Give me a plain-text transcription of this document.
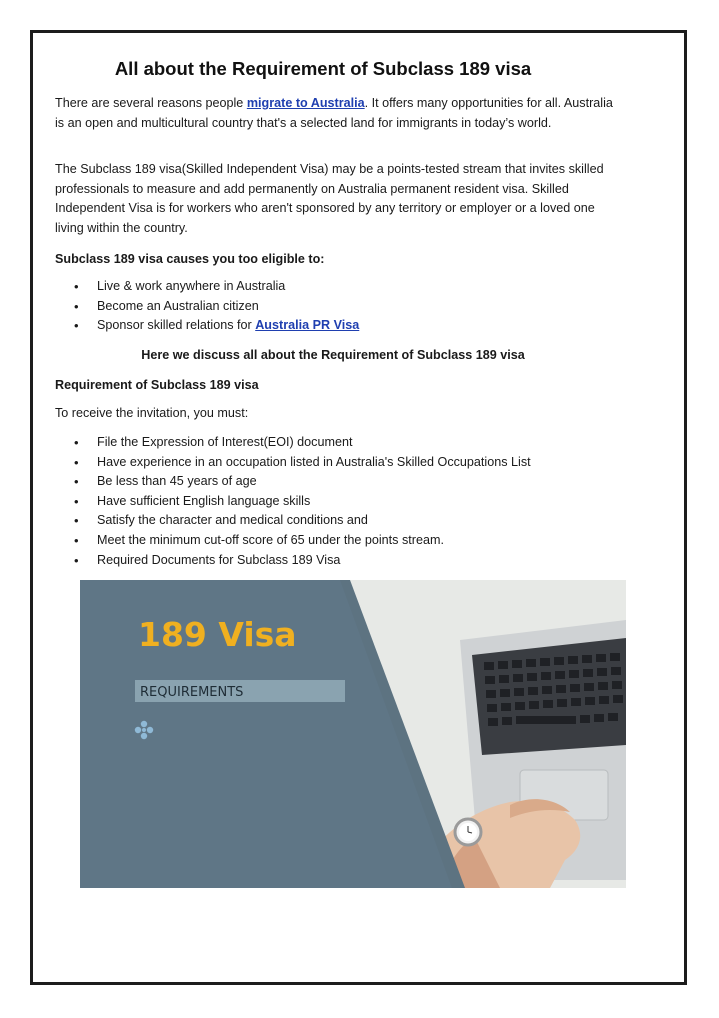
All about the Requirement of Subclass 189 visa

There are several reasons people migrate to Australia. It offers many opportunities for all. Australia is an open and multicultural country that's a selected land for immigrants in today’s world.

The Subclass 189 visa(Skilled Independent Visa) may be a points-tested stream that invites skilled professionals to measure and add permanently on Australia permanent resident visa. Skilled Independent Visa is for workers who aren't sponsored by any territory or employer or a loved one living within the country.

Subclass 189 visa causes you too eligible to:

• Live & work anywhere in Australia
• Become an Australian citizen
• Sponsor skilled relations for Australia PR Visa

Here we discuss all about the Requirement of Subclass 189 visa

Requirement of Subclass 189 visa

To receive the invitation, you must:

• File the Expression of Interest(EOI) document
• Have experience in an occupation listed in Australia's Skilled Occupations List
• Be less than 45 years of age
• Have sufficient English language skills
• Satisfy the character and medical conditions and
• Meet the minimum cut-off score of 65 under the points stream.
• Required Documents for Subclass 189 Visa
189 Visa
REQUIREMENTS
